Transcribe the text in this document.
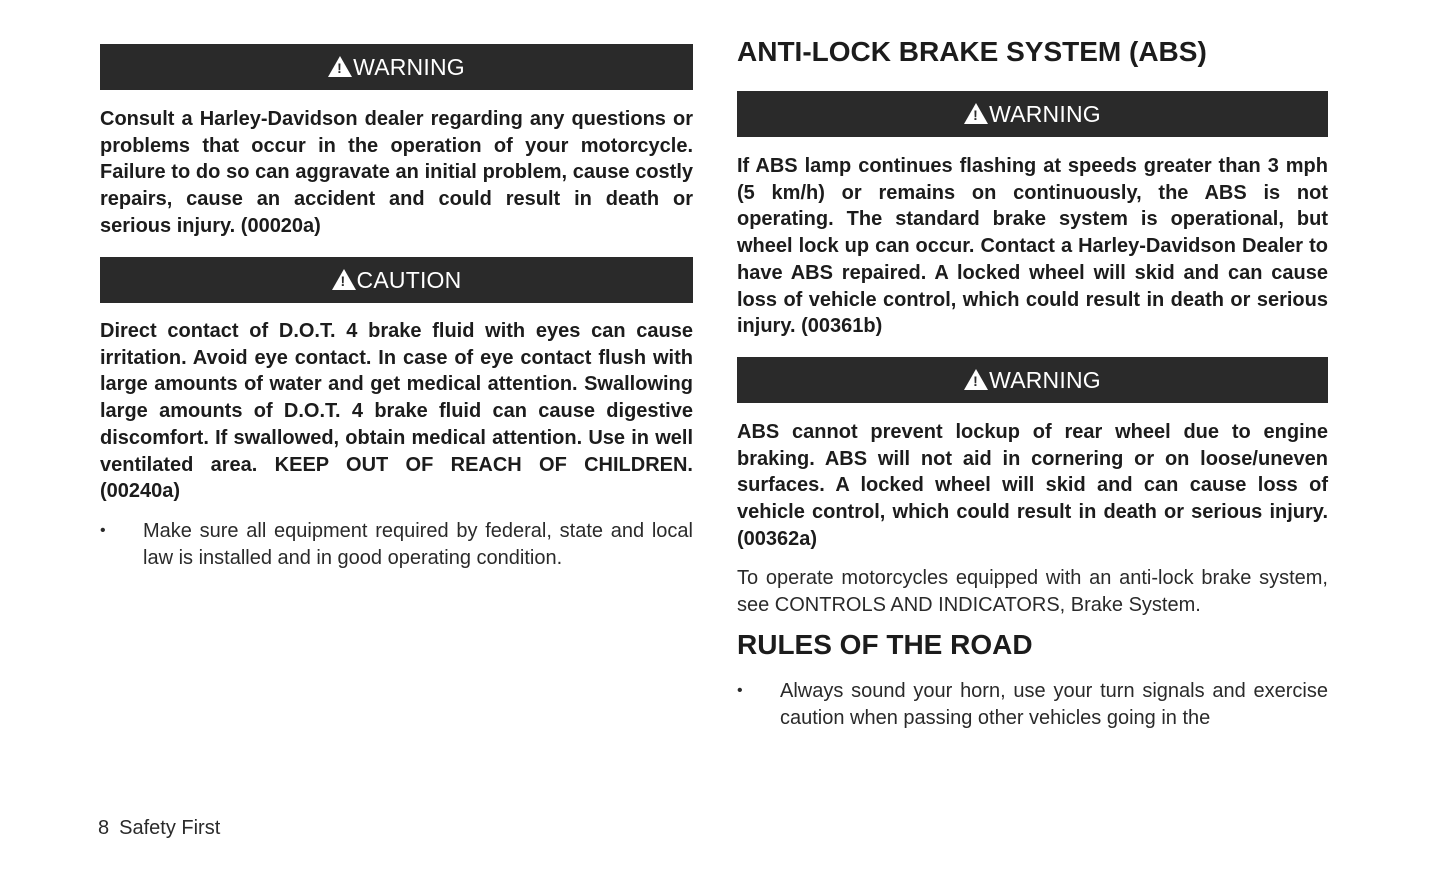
!
WARNING
Consult a Harley-Davidson dealer regarding any questions or problems that occur in the operation of your motorcycle. Failure to do so can aggravate an initial problem, cause costly repairs, cause an accident and could result in death or serious injury. (00020a)
!
CAUTION
Direct contact of D.O.T. 4 brake fluid with eyes can cause irritation. Avoid eye contact. In case of eye contact flush with large amounts of water and get medical attention. Swallowing large amounts of D.O.T. 4 brake fluid can cause digestive discomfort. If swallowed, obtain medical attention. Use in well ventilated area. KEEP OUT OF REACH OF CHILDREN. (00240a)
• Make sure all equipment required by federal, state and local law is installed and in good operating condition.
ANTI-LOCK BRAKE SYSTEM (ABS)
!
WARNING
If ABS lamp continues flashing at speeds greater than 3 mph (5 km/h) or remains on continuously, the ABS is not operating. The standard brake system is operational, but wheel lock up can occur. Contact a Harley-Davidson Dealer to have ABS repaired. A locked wheel will skid and can cause loss of vehicle control, which could result in death or serious injury. (00361b)
!
WARNING
ABS cannot prevent lockup of rear wheel due to engine braking. ABS will not aid in cornering or on loose/uneven surfaces. A locked wheel will skid and can cause loss of vehicle control, which could result in death or serious injury. (00362a)
To operate motorcycles equipped with an anti-lock brake system, see CONTROLS AND INDICATORS, Brake System.
RULES OF THE ROAD
• Always sound your horn, use your turn signals and exercise caution when passing other vehicles going in the
8 Safety First
